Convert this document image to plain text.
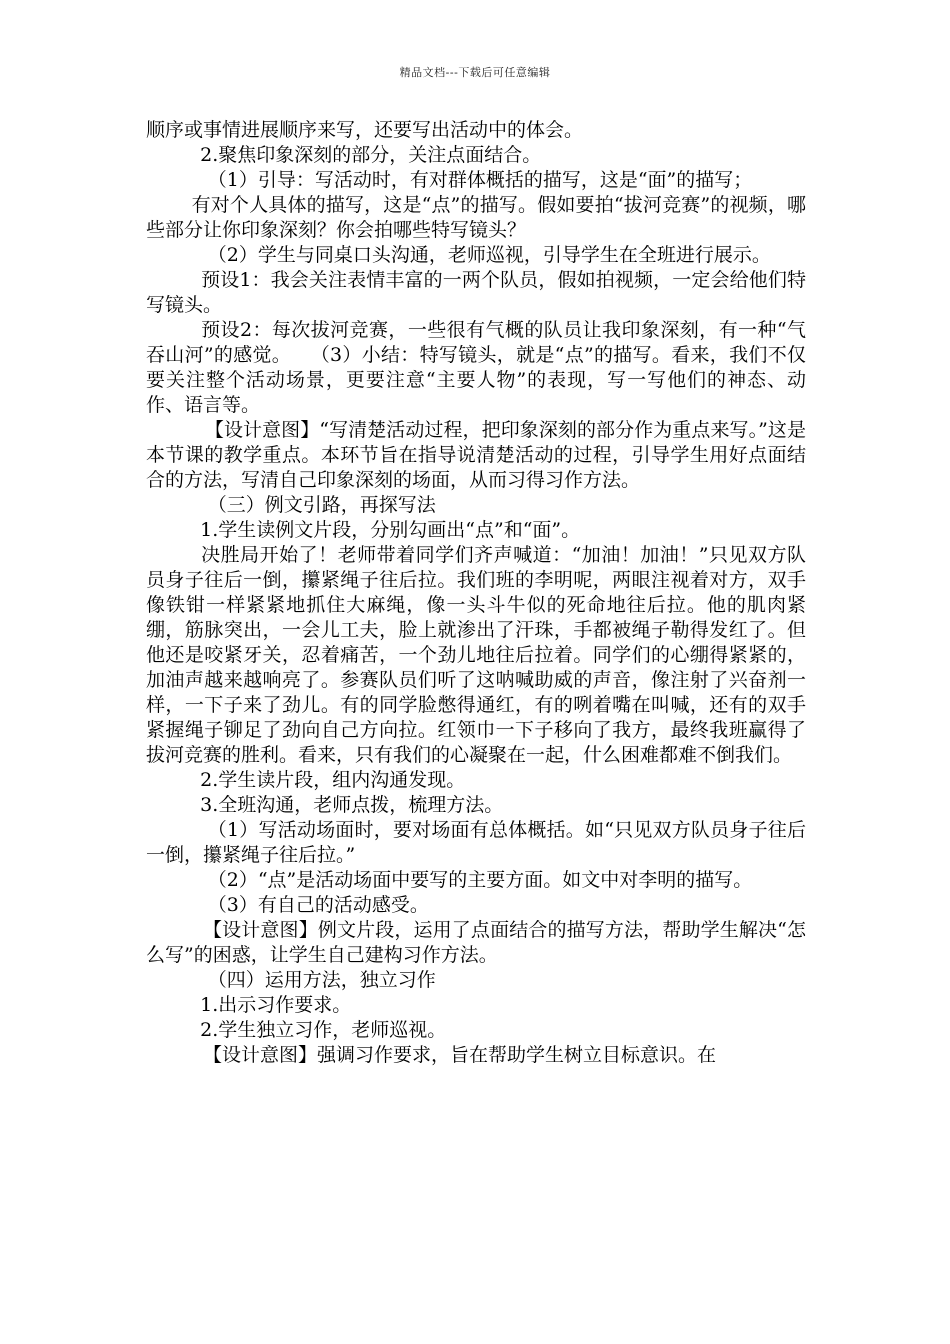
精品文档---下载后可任意编辑

顺序或事情进展顺序来写，还要写出活动中的体会。

2.聚焦印象深刻的部分，关注点面结合。

（1）引导：写活动时，有对群体概括的描写，这是“面”的描写；

有对个人具体的描写，这是“点”的描写。假如要拍“拔河竞赛”的视频，哪些部分让你印象深刻？你会拍哪些特写镜头？

（2）学生与同桌口头沟通，老师巡视，引导学生在全班进行展示。

预设1：我会关注表情丰富的一两个队员，假如拍视频，一定会给他们特写镜头。

预设2：每次拔河竞赛，一些很有气概的队员让我印象深刻，有一种“气吞山河”的感觉。　　（3）小结：特写镜头，就是“点”的描写。看来，我们不仅要关注整个活动场景，更要注意“主要人物”的表现，写一写他们的神态、动作、语言等。

【设计意图】“写清楚活动过程，把印象深刻的部分作为重点来写。”这是本节课的教学重点。本环节旨在指导说清楚活动的过程，引导学生用好点面结合的方法，写清自己印象深刻的场面，从而习得习作方法。

（三）例文引路，再探写法

1.学生读例文片段，分别勾画出“点”和“面”。

决胜局开始了！老师带着同学们齐声喊道：“加油！加油！”只见双方队员身子往后一倒，攥紧绳子往后拉。我们班的李明呢，两眼注视着对方，双手像铁钳一样紧紧地抓住大麻绳，像一头斗牛似的死命地往后拉。他的肌肉紧绷，筋脉突出，一会儿工夫，脸上就渗出了汗珠，手都被绳子勒得发红了。但他还是咬紧牙关，忍着痛苦，一个劲儿地往后拉着。同学们的心绷得紧紧的，加油声越来越响亮了。参赛队员们听了这呐喊助威的声音，像注射了兴奋剂一样，一下子来了劲儿。有的同学脸憋得通红，有的咧着嘴在叫喊，还有的双手紧握绳子铆足了劲向自己方向拉。红领巾一下子移向了我方，最终我班赢得了拔河竞赛的胜利。看来，只有我们的心凝聚在一起，什么困难都难不倒我们。

2.学生读片段，组内沟通发现。

3.全班沟通，老师点拨，梳理方法。

（1）写活动场面时，要对场面有总体概括。如“只见双方队员身子往后一倒，攥紧绳子往后拉。”

（2）“点”是活动场面中要写的主要方面。如文中对李明的描写。

（3）有自己的活动感受。

【设计意图】例文片段，运用了点面结合的描写方法，帮助学生解决“怎么写”的困惑，让学生自己建构习作方法。

（四）运用方法，独立习作

1.出示习作要求。

2.学生独立习作，老师巡视。

【设计意图】强调习作要求，旨在帮助学生树立目标意识。在
